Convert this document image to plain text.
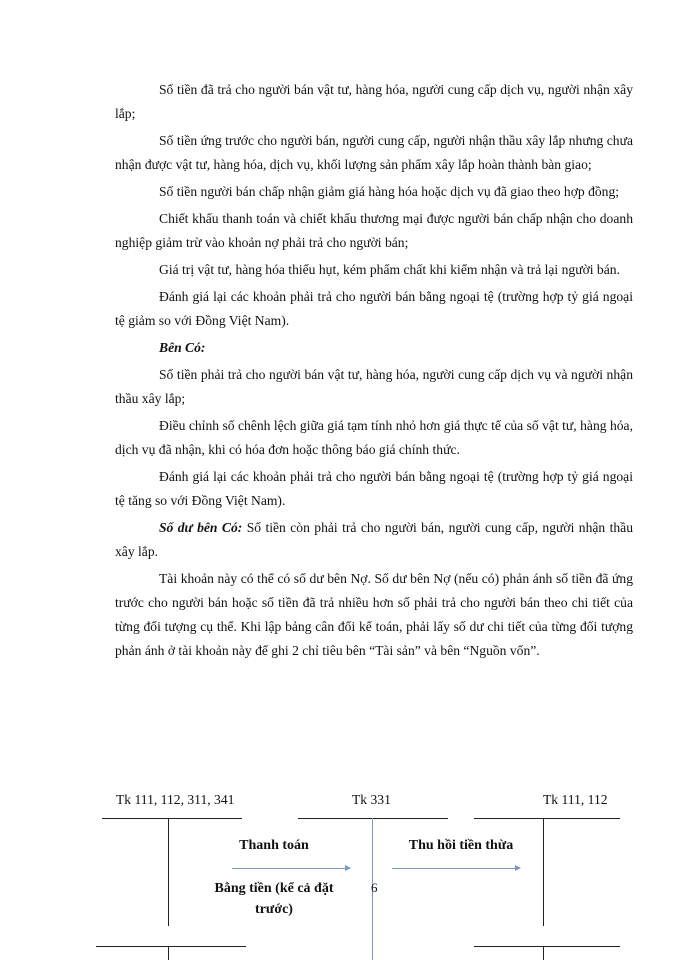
Số tiền đã trả cho người bán vật tư, hàng hóa, người cung cấp dịch vụ, người nhận xây lắp;

Số tiền ứng trước cho người bán, người cung cấp, người nhận thầu xây lắp nhưng chưa nhận được vật tư, hàng hóa, dịch vụ, khối lượng sản phẩm xây lắp hoàn thành bàn giao;

Số tiền người bán chấp nhận giảm giá hàng hóa hoặc dịch vụ đã giao theo hợp đồng;

Chiết khấu thanh toán và chiết khấu thương mại được người bán chấp nhận cho doanh nghiệp giảm trừ vào khoản nợ phải trả cho người bán;

Giá trị vật tư, hàng hóa thiếu hụt, kém phẩm chất khi kiểm nhận và trả lại người bán.

Đánh giá lại các khoản phải trả cho người bán bằng ngoại tệ (trường hợp tỷ giá ngoại tệ giảm so với Đồng Việt Nam).

Bên Có:

Số tiền phải trả cho người bán vật tư, hàng hóa, người cung cấp dịch vụ và người nhận thầu xây lắp;

Điều chỉnh số chênh lệch giữa giá tạm tính nhỏ hơn giá thực tế của số vật tư, hàng hóa, dịch vụ đã nhận, khi có hóa đơn hoặc thông báo giá chính thức.

Đánh giá lại các khoản phải trả cho người bán bằng ngoại tệ (trường hợp tỷ giá ngoại tệ tăng so với Đồng Việt Nam).

Số dư bên Có: Số tiền còn phải trả cho người bán, người cung cấp, người nhận thầu xây lắp.

Tài khoản này có thể có số dư bên Nợ. Số dư bên Nợ (nếu có) phản ánh số tiền đã ứng trước cho người bán hoặc số tiền đã trả nhiều hơn số phải trả cho người bán theo chi tiết của từng đối tượng cụ thể. Khi lập bảng cân đối kế toán, phải lấy số dư chi tiết của từng đối tượng phản ánh ở tài khoản này để ghi 2 chỉ tiêu bên “Tài sản” và bên “Nguồn vốn”.

Tk 111, 112, 311, 341	Tk 331	Tk 111, 112
Thanh toán
Bằng tiền (kể cả đặt trước)
Thu hồi tiền thừa
6
